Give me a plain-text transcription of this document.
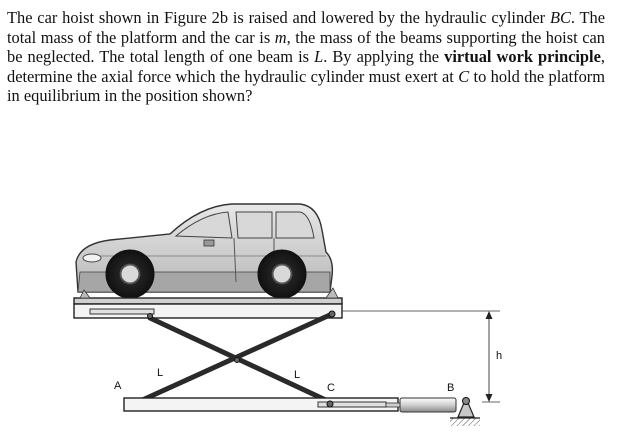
The car hoist shown in Figure 2b is raised and lowered by the hydraulic cylinder BC. The total mass of the platform and the car is m, the mass of the beams supporting the hoist can be neglected. The total length of one beam is L. By applying the virtual work principle, determine the axial force which the hydraulic cylinder must exert at C to hold the platform in equilibrium in the position shown?

A
L	L
C	B
h
